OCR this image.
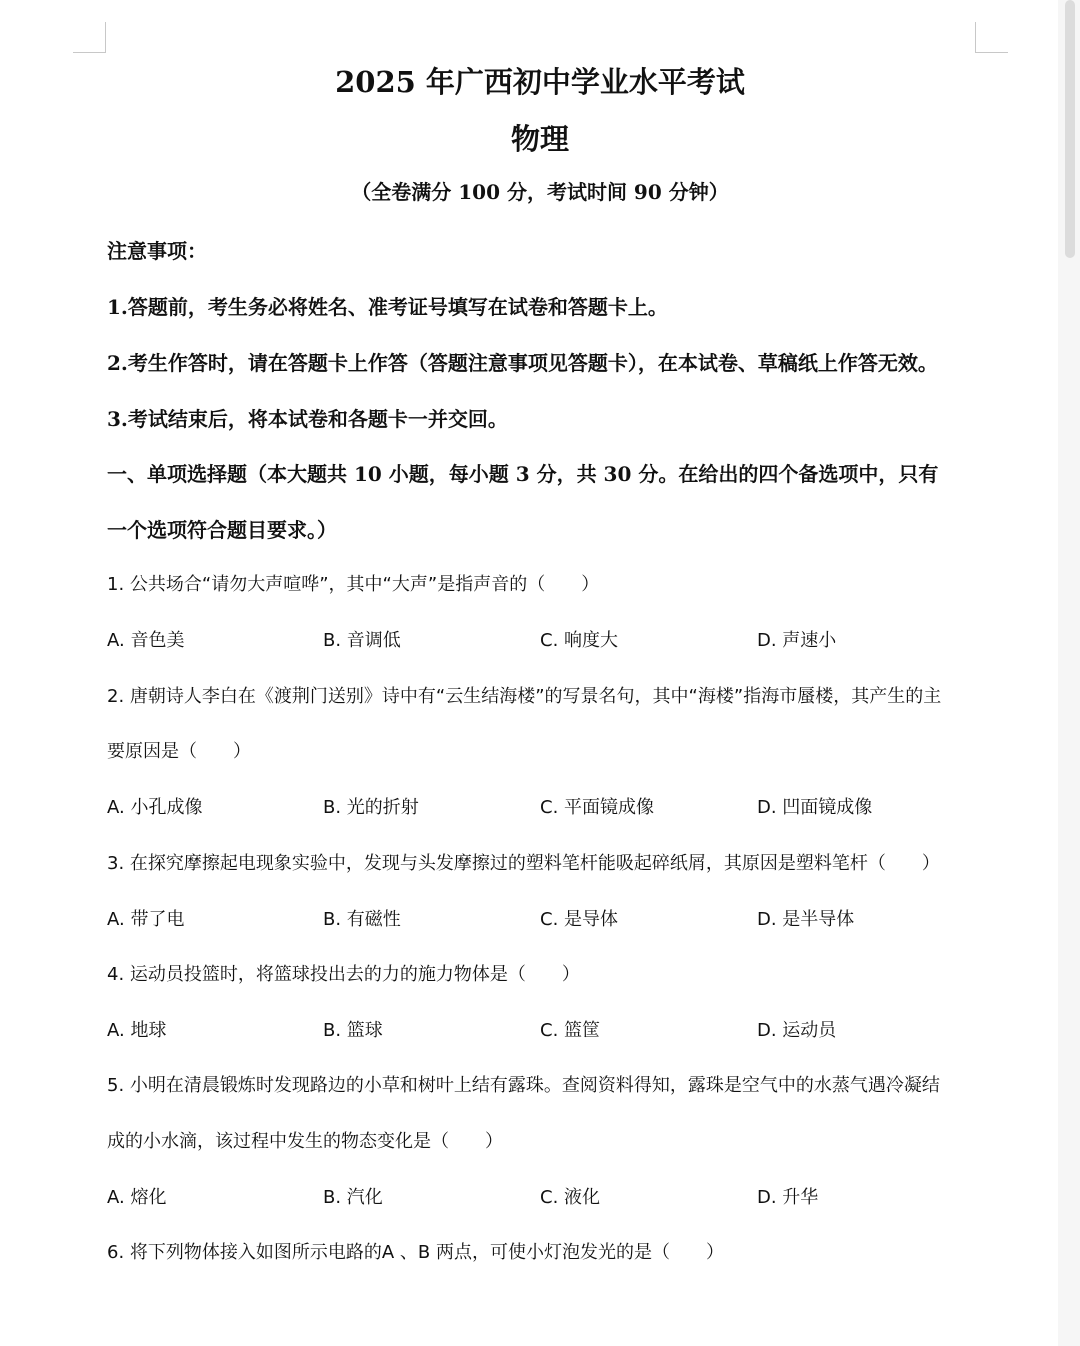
2025 年广西初中学业水平考试
物理
（全卷满分 100 分，考试时间 90 分钟）
注意事项：
1.答题前，考生务必将姓名、准考证号填写在试卷和答题卡上。
2.考生作答时，请在答题卡上作答（答题注意事项见答题卡），在本试卷、草稿纸上作答无效。
3.考试结束后，将本试卷和各题卡一并交回。
一、单项选择题（本大题共 10 小题，每小题 3 分，共 30 分。在给出的四个备选项中，只有
一个选项符合题目要求。）
1. 公共场合“请勿大声喧哗”，其中“大声”是指声音的（　　）
A. 音色美	B. 音调低	C. 响度大	D. 声速小
2. 唐朝诗人李白在《渡荆门送别》诗中有“云生结海楼”的写景名句，其中“海楼”指海市蜃楼，其产生的主
要原因是（　　）
A. 小孔成像	B. 光的折射	C. 平面镜成像	D. 凹面镜成像
3. 在探究摩擦起电现象实验中，发现与头发摩擦过的塑料笔杆能吸起碎纸屑，其原因是塑料笔杆（　　）
A. 带了电	B. 有磁性	C. 是导体	D. 是半导体
4. 运动员投篮时，将篮球投出去的力的施力物体是（　　）
A. 地球	B. 篮球	C. 篮筐	D. 运动员
5. 小明在清晨锻炼时发现路边的小草和树叶上结有露珠。查阅资料得知，露珠是空气中的水蒸气遇冷凝结
成的小水滴，该过程中发生的物态变化是（　　）
A. 熔化	B. 汽化	C. 液化	D. 升华
6. 将下列物体接入如图所示电路的A 、B 两点，可使小灯泡发光的是（　　）
